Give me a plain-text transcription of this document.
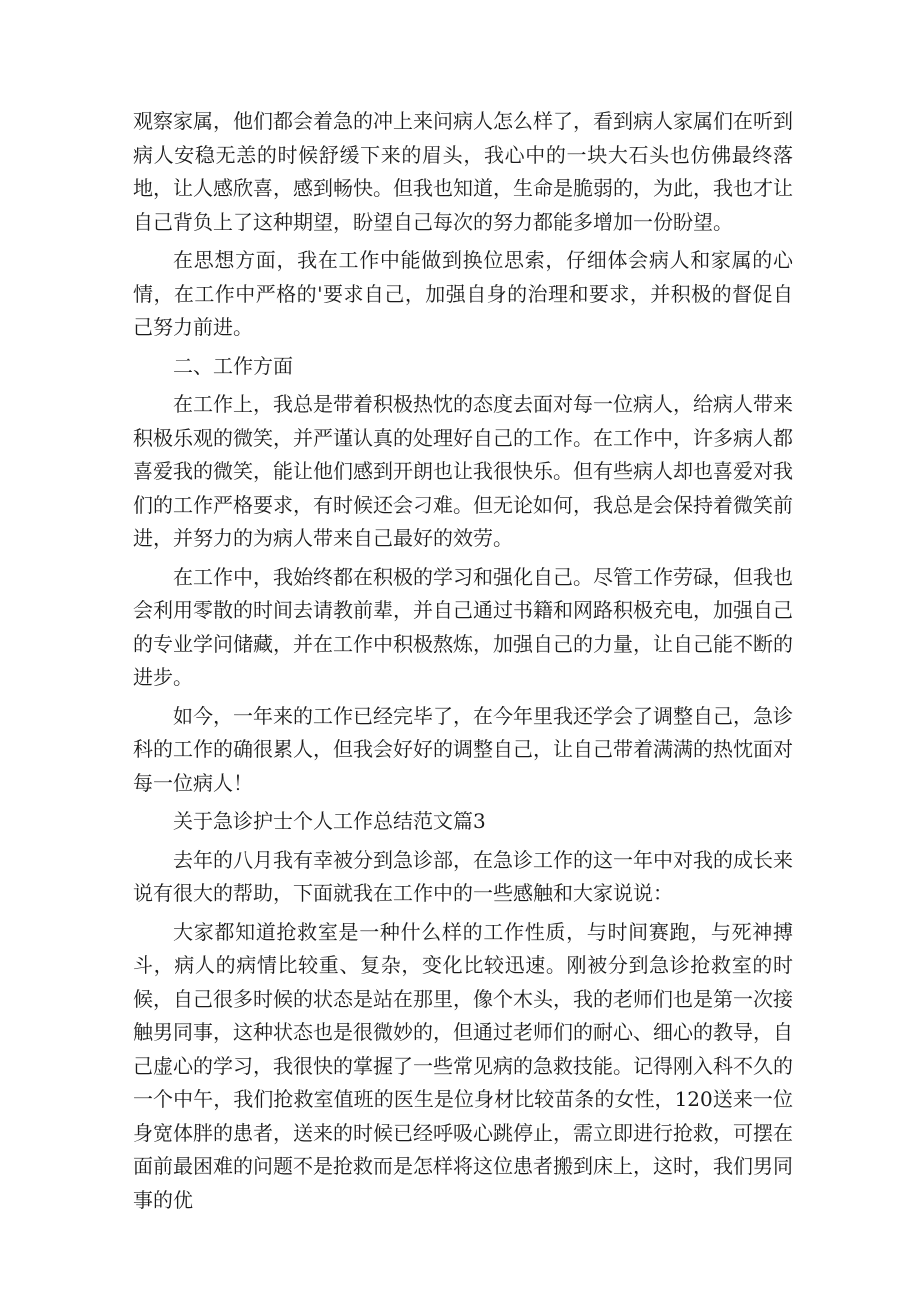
观察家属，他们都会着急的冲上来问病人怎么样了，看到病人家属们在听到病人安稳无恙的时候舒缓下来的眉头，我心中的一块大石头也仿佛最终落地，让人感欣喜，感到畅快。但我也知道，生命是脆弱的，为此，我也才让自己背负上了这种期望，盼望自己每次的努力都能多增加一份盼望。

在思想方面，我在工作中能做到换位思索，仔细体会病人和家属的心情，在工作中严格的'要求自己，加强自身的治理和要求，并积极的督促自己努力前进。

二、工作方面

在工作上，我总是带着积极热忱的态度去面对每一位病人，给病人带来积极乐观的微笑，并严谨认真的处理好自己的工作。在工作中，许多病人都喜爱我的微笑，能让他们感到开朗也让我很快乐。但有些病人却也喜爱对我们的工作严格要求，有时候还会刁难。但无论如何，我总是会保持着微笑前进，并努力的为病人带来自己最好的效劳。

在工作中，我始终都在积极的学习和强化自己。尽管工作劳碌，但我也会利用零散的时间去请教前辈，并自己通过书籍和网路积极充电，加强自己的专业学问储藏，并在工作中积极熬炼，加强自己的力量，让自己能不断的进步。

如今，一年来的工作已经完毕了，在今年里我还学会了调整自己，急诊科的工作的确很累人，但我会好好的调整自己，让自己带着满满的热忱面对每一位病人！

关于急诊护士个人工作总结范文篇3

去年的八月我有幸被分到急诊部，在急诊工作的这一年中对我的成长来说有很大的帮助，下面就我在工作中的一些感触和大家说说：

大家都知道抢救室是一种什么样的工作性质，与时间赛跑，与死神搏斗，病人的病情比较重、复杂，变化比较迅速。刚被分到急诊抢救室的时候，自己很多时候的状态是站在那里，像个木头，我的老师们也是第一次接触男同事，这种状态也是很微妙的，但通过老师们的耐心、细心的教导，自己虚心的学习，我很快的掌握了一些常见病的急救技能。记得刚入科不久的一个中午，我们抢救室值班的医生是位身材比较苗条的女性，120送来一位身宽体胖的患者，送来的时候已经呼吸心跳停止，需立即进行抢救，可摆在面前最困难的问题不是抢救而是怎样将这位患者搬到床上，这时，我们男同事的优
